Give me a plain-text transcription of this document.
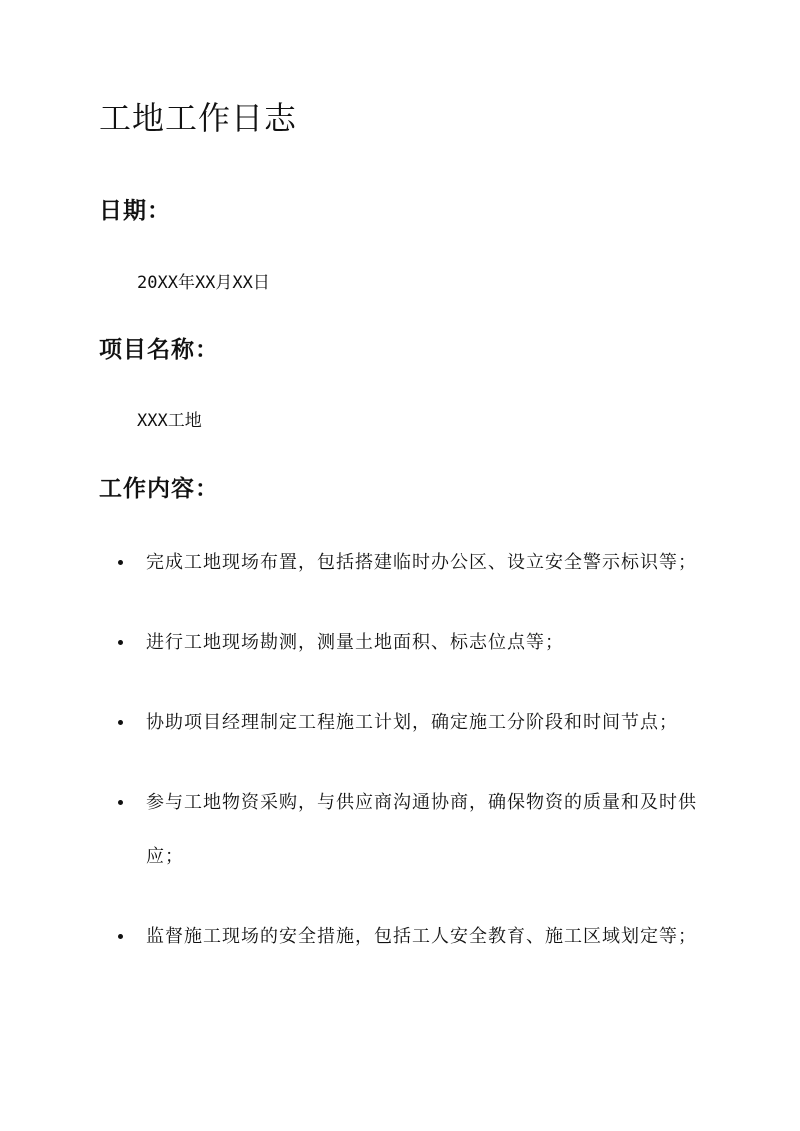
工地工作日志
日期：

20XX年XX月XX日

项目名称：

XXX工地

工作内容：
完成工地现场布置，包括搭建临时办公区、设立安全警示标识等；
进行工地现场勘测，测量土地面积、标志位点等；
协助项目经理制定工程施工计划，确定施工分阶段和时间节点；
参与工地物资采购，与供应商沟通协商，确保物资的质量和及时供应；
监督施工现场的安全措施，包括工人安全教育、施工区域划定等；
